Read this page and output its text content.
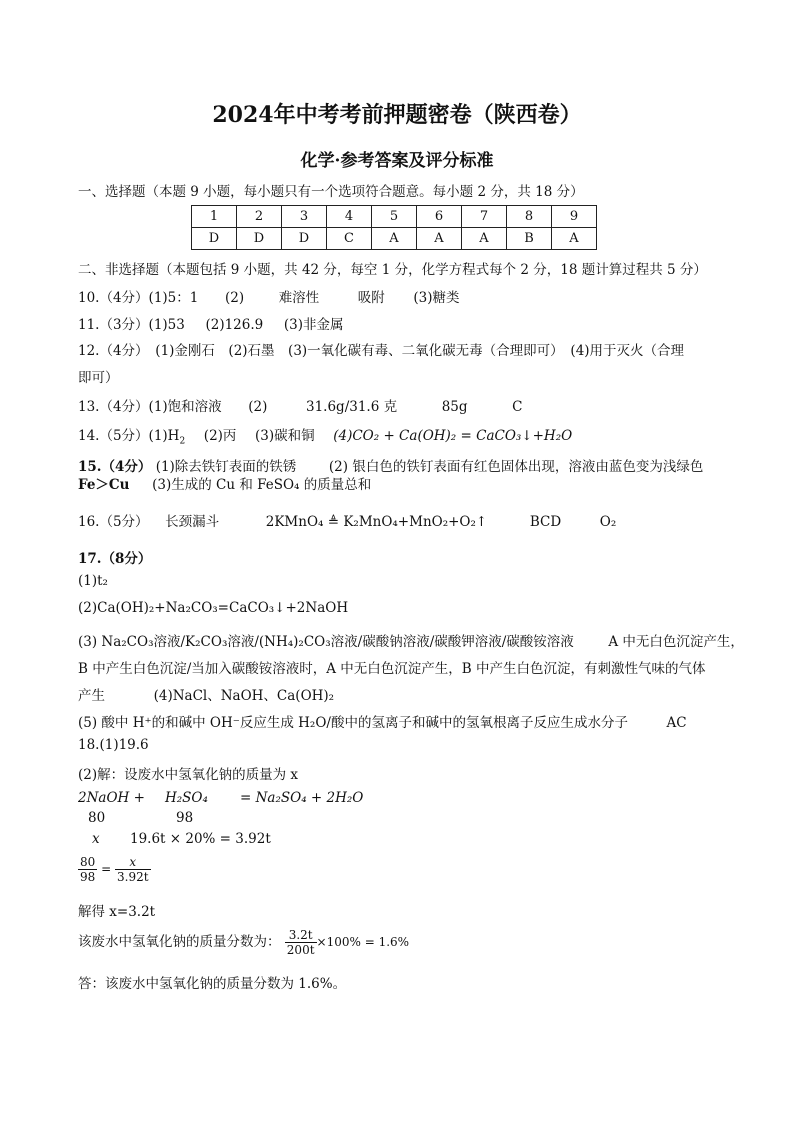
2024年中考考前押题密卷（陕西卷）
化学·参考答案及评分标准
一、选择题（本题 9 小题，每小题只有一个选项符合题意。每小题 2 分，共 18 分）
1	2	3	4	5	6	7	8	9
D	D	D	C	A	A	A	B	A
二、非选择题（本题包括 9 小题，共 42 分，每空 1 分，化学方程式每个 2 分，18 题计算过程共 5 分）
10.（4分）(1)5：1 (2)	难溶性	吸附 (3)糖类
11.（3分）(1)53 (2)126.9 (3)非金属
12.（4分）　(1)金刚石　(2)石墨　(3)一氧化碳有毒、二氧化碳无毒（合理即可）　(4)用于灭火（合理
即可）
13.（4分）(1)饱和溶液 (2)	31.6g/31.6 克	85g	C
14.（5分）$(1)H_2$ (2)丙 (3)碳和铜 (4)CO₂ + Ca(OH)₂ = CaCO₃↓+H₂O
15.（4分） (1)除去铁钉表面的铁锈 (2) 银白色的铁钉表面有红色固体出现，溶液由蓝色变为浅绿色
Fe＞Cu (3)生成的 Cu 和 FeSO₄ 的质量总和
16.（5分） 长颈漏斗	2KMnO₄ ≜ K₂MnO₄+MnO₂+O₂↑	BCD	O₂
17.（8分）
(1)t₂
(2)Ca(OH)₂+Na₂CO₃=CaCO₃↓+2NaOH
(3) Na₂CO₃溶液/K₂CO₃溶液/(NH₄)₂CO₃溶液/碳酸钠溶液/碳酸钾溶液/碳酸铵溶液	A 中无白色沉淀产生，
B 中产生白色沉淀/当加入碳酸铵溶液时，A 中无白色沉淀产生，B 中产生白色沉淀，有刺激性气味的气体
产生	(4)NaCl、NaOH、Ca(OH)₂
(5) 酸中 H⁺的和碱中 OH⁻反应生成 H₂O/酸中的氢离子和碱中的氢氧根离子反应生成水分子	AC
18.(1)19.6
(2)解：设废水中氢氧化钠的质量为 x
2NaOH + H₂SO₄ = Na₂SO₄ + 2H₂O
80	98
x 19.6t × 20% = 3.92t
$\frac{80}{98} = \frac{x}{3.92t}$
解得 x=3.2t
该废水中氢氧化钠的质量分数为： $\frac{3.2t}{200t} \times 100\% = 1.6\%$
答：该废水中氢氧化钠的质量分数为 1.6%。
